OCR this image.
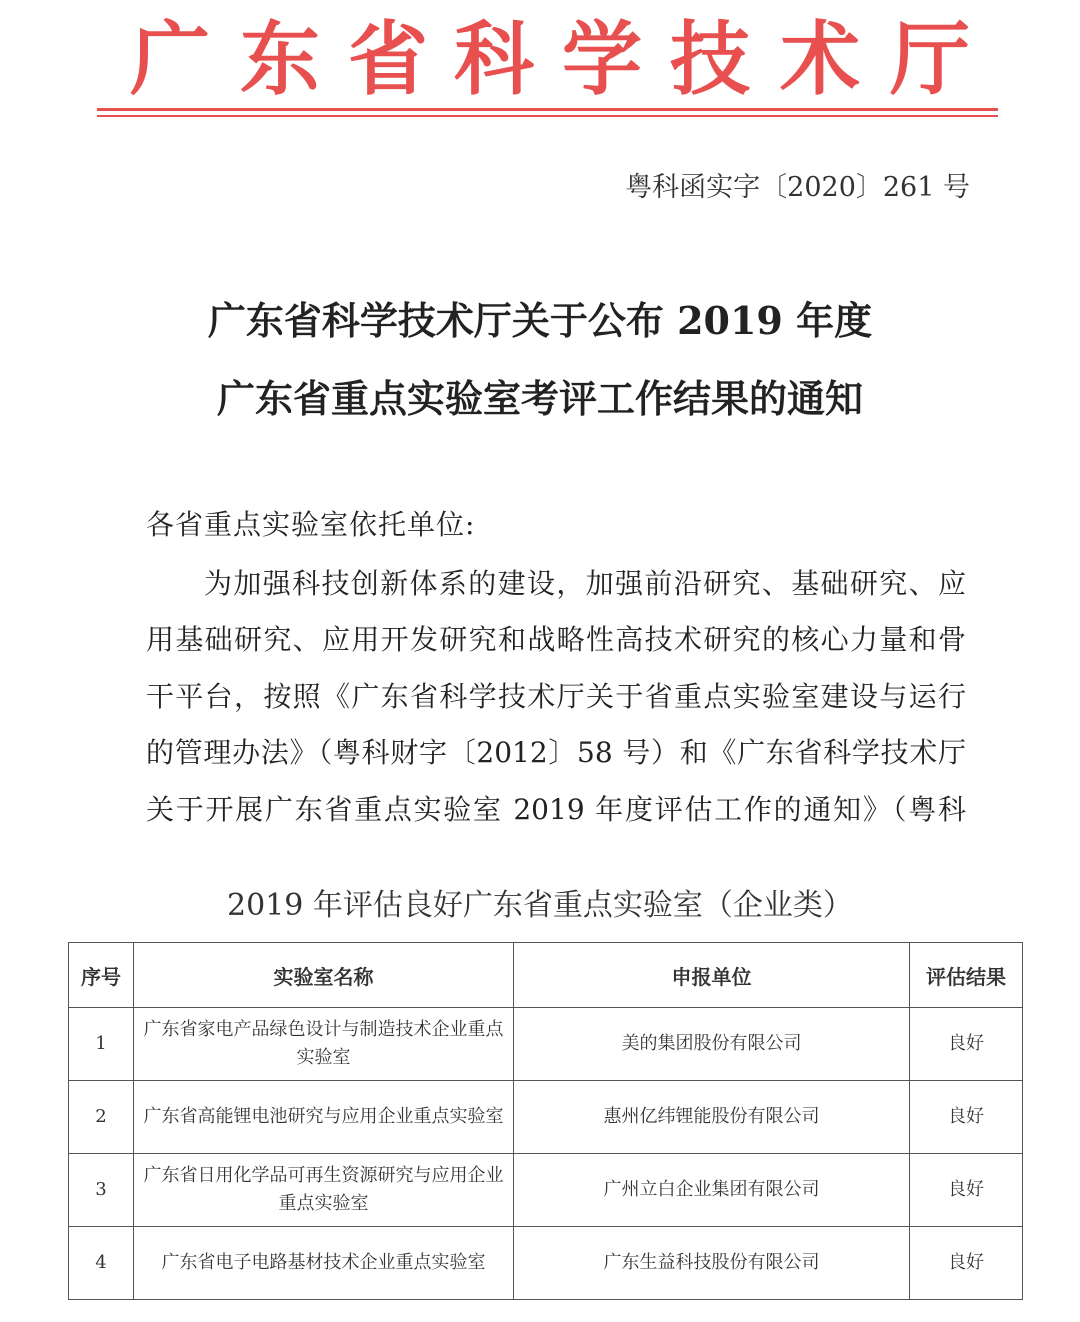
广 东 省 科 学 技 术 厅
粤科函实字〔2020〕261 号
广东省科学技术厅关于公布 2019 年度
广东省重点实验室考评工作结果的通知
各省重点实验室依托单位:
为加强科技创新体系的建设，加强前沿研究、基础研究、应
用基础研究、应用开发研究和战略性高技术研究的核心力量和骨
干平台，按照《广东省科学技术厅关于省重点实验室建设与运行
的管理办法》（粤科财字〔2012〕58 号）和《广东省科学技术厅
关于开展广东省重点实验室 2019 年度评估工作的通知》（粤科
2019 年评估良好广东省重点实验室（企业类）
序号	实验室名称	申报单位	评估结果
1	广东省家电产品绿色设计与制造技术企业重点实验室	美的集团股份有限公司	良好
2	广东省高能锂电池研究与应用企业重点实验室	惠州亿纬锂能股份有限公司	良好
3	广东省日用化学品可再生资源研究与应用企业重点实验室	广州立白企业集团有限公司	良好
4	广东省电子电路基材技术企业重点实验室	广东生益科技股份有限公司	良好
